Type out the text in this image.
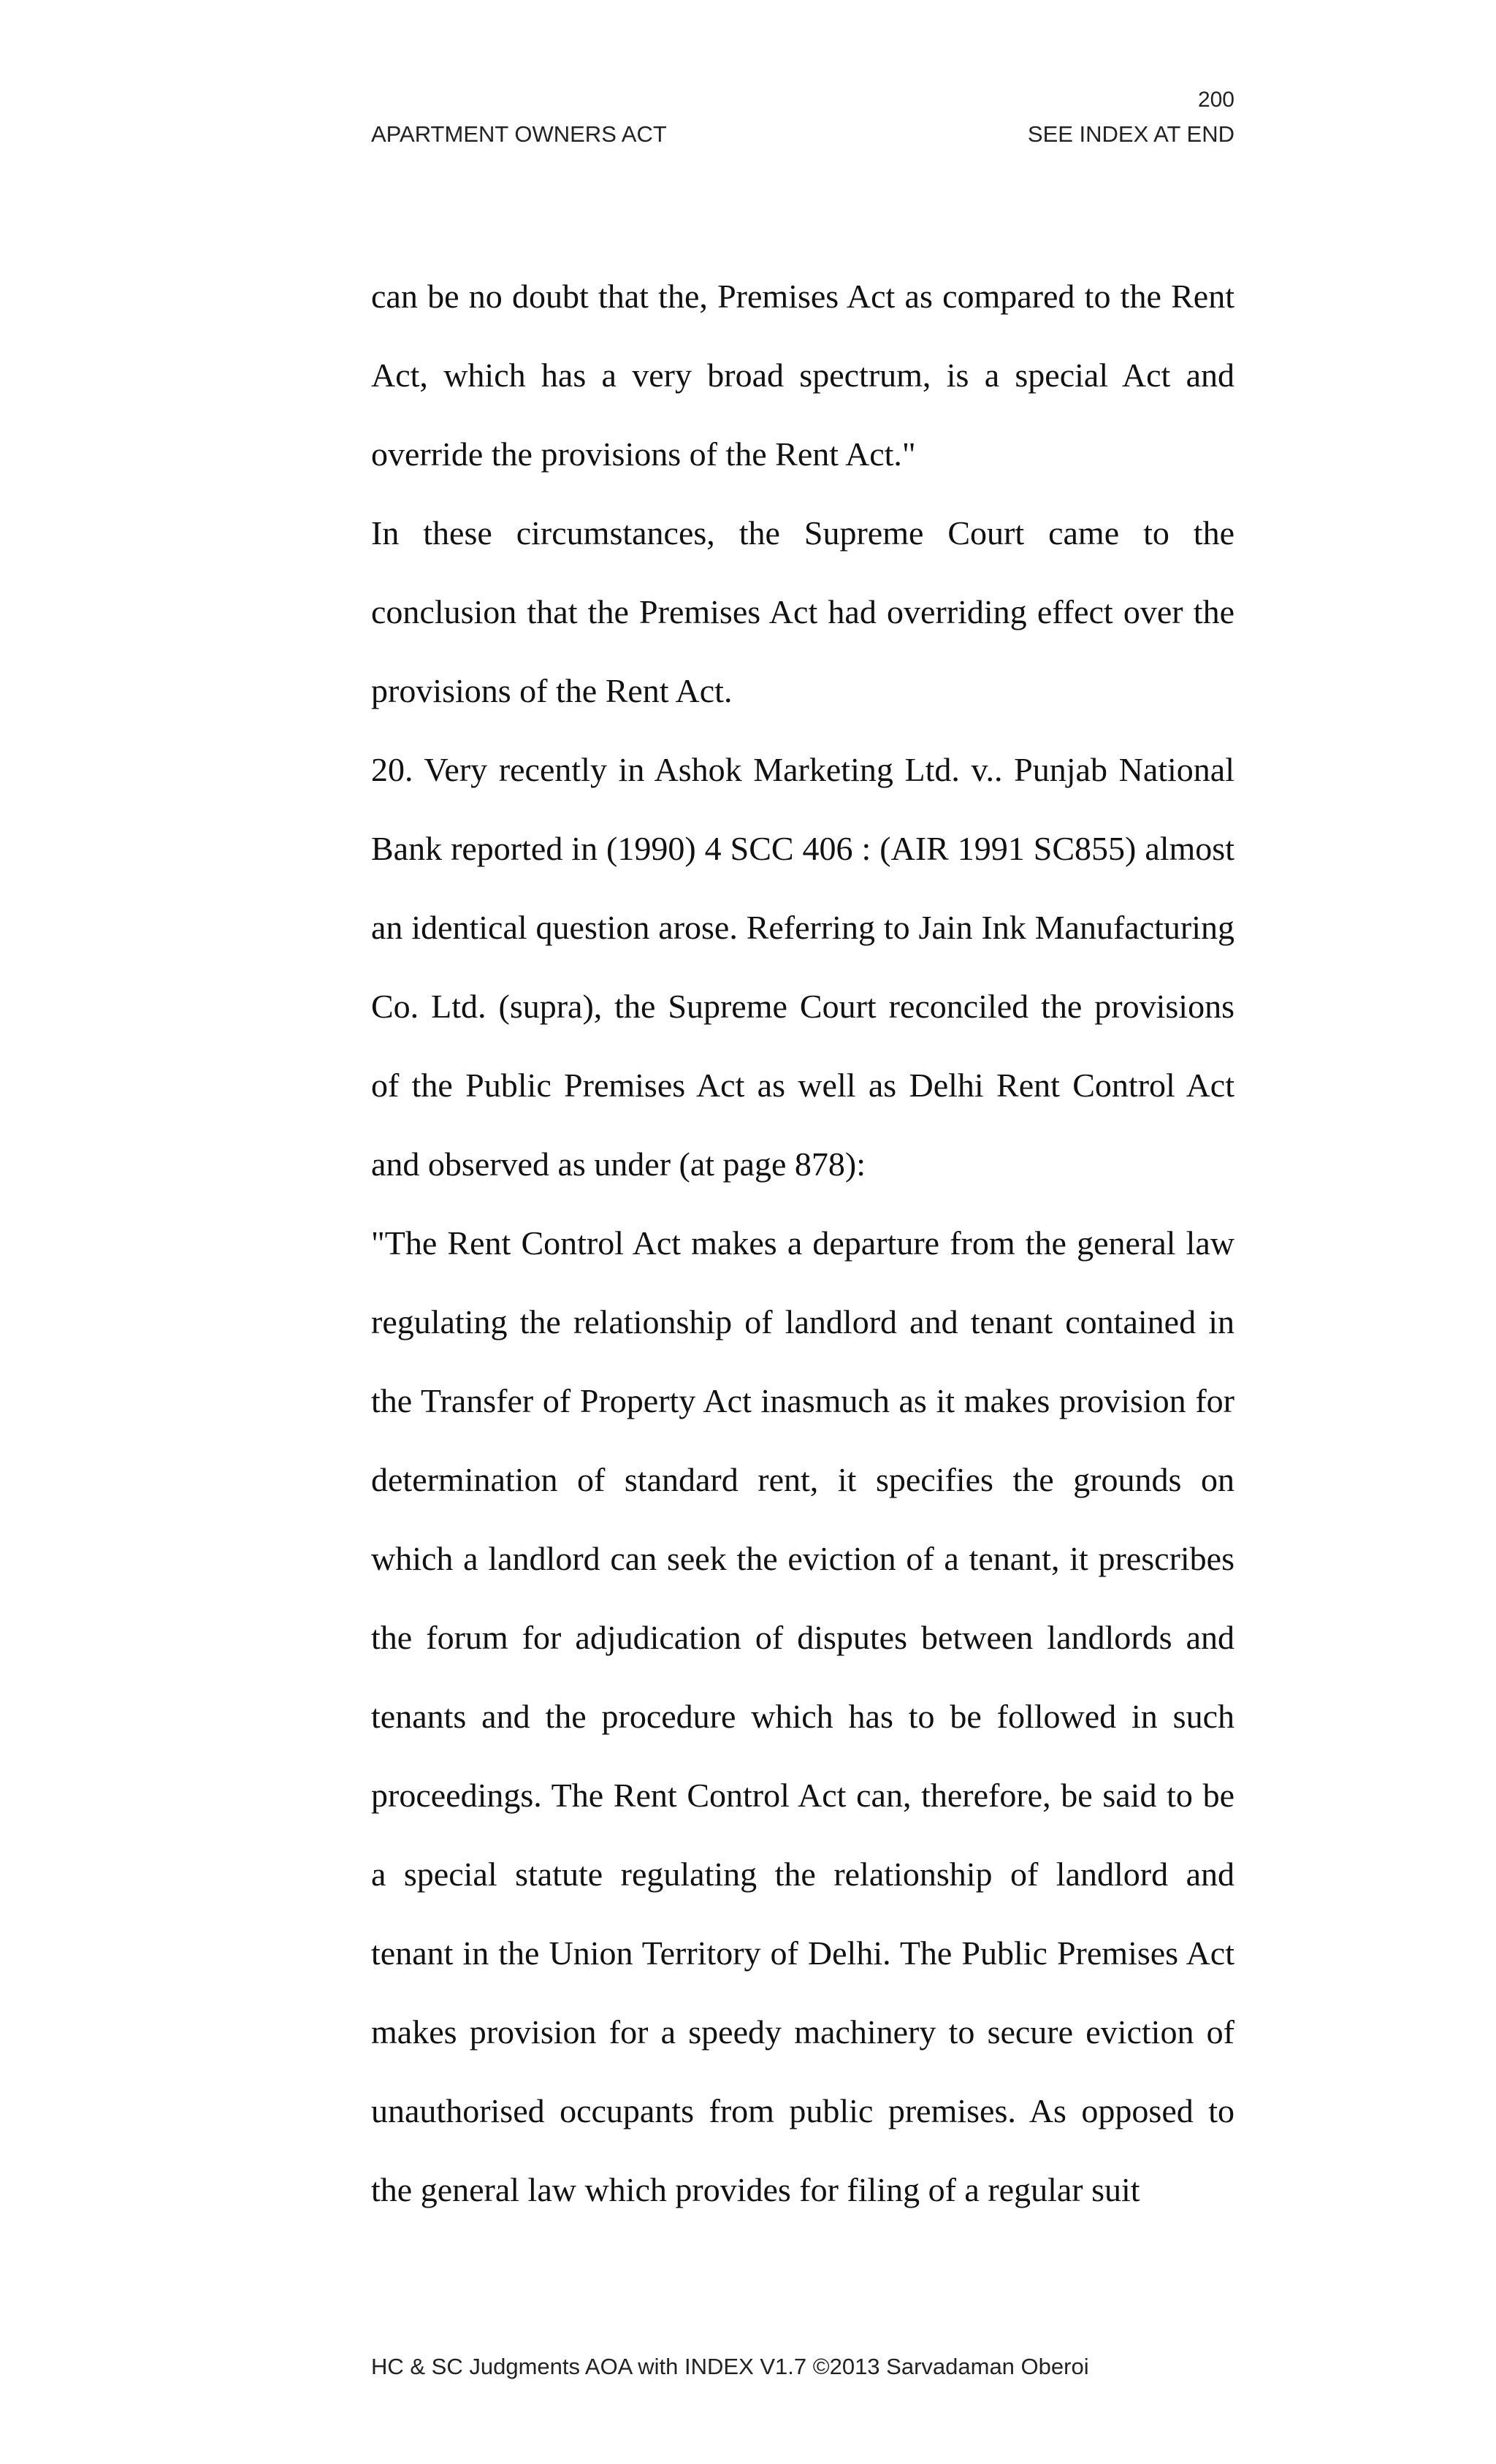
200
APARTMENT OWNERS ACT	SEE INDEX AT END

can be no doubt that the, Premises Act as compared to the Rent Act, which has a very broad spectrum, is a special Act and override the provisions of the Rent Act."

In these circumstances, the Supreme Court came to the conclusion that the Premises Act had overriding effect over the provisions of the Rent Act.

20. Very recently in Ashok Marketing Ltd. v.. Punjab National Bank reported in (1990) 4 SCC 406 : (AIR 1991 SC855) almost an identical question arose. Referring to Jain Ink Manufacturing Co. Ltd. (supra), the Supreme Court reconciled the provisions of the Public Premises Act as well as Delhi Rent Control Act and observed as under (at page 878):

"The Rent Control Act makes a departure from the general law regulating the relationship of landlord and tenant contained in the Transfer of Property Act inasmuch as it makes provision for determination of standard rent, it specifies the grounds on which a landlord can seek the eviction of a tenant, it prescribes the forum for adjudication of disputes between landlords and tenants and the procedure which has to be followed in such proceedings. The Rent Control Act can, therefore, be said to be a special statute regulating the relationship of landlord and tenant in the Union Territory of Delhi. The Public Premises Act makes provision for a speedy machinery to secure eviction of unauthorised occupants from public premises. As opposed to the general law which provides for filing of a regular suit

HC & SC Judgments AOA with INDEX V1.7 ©2013 Sarvadaman Oberoi
